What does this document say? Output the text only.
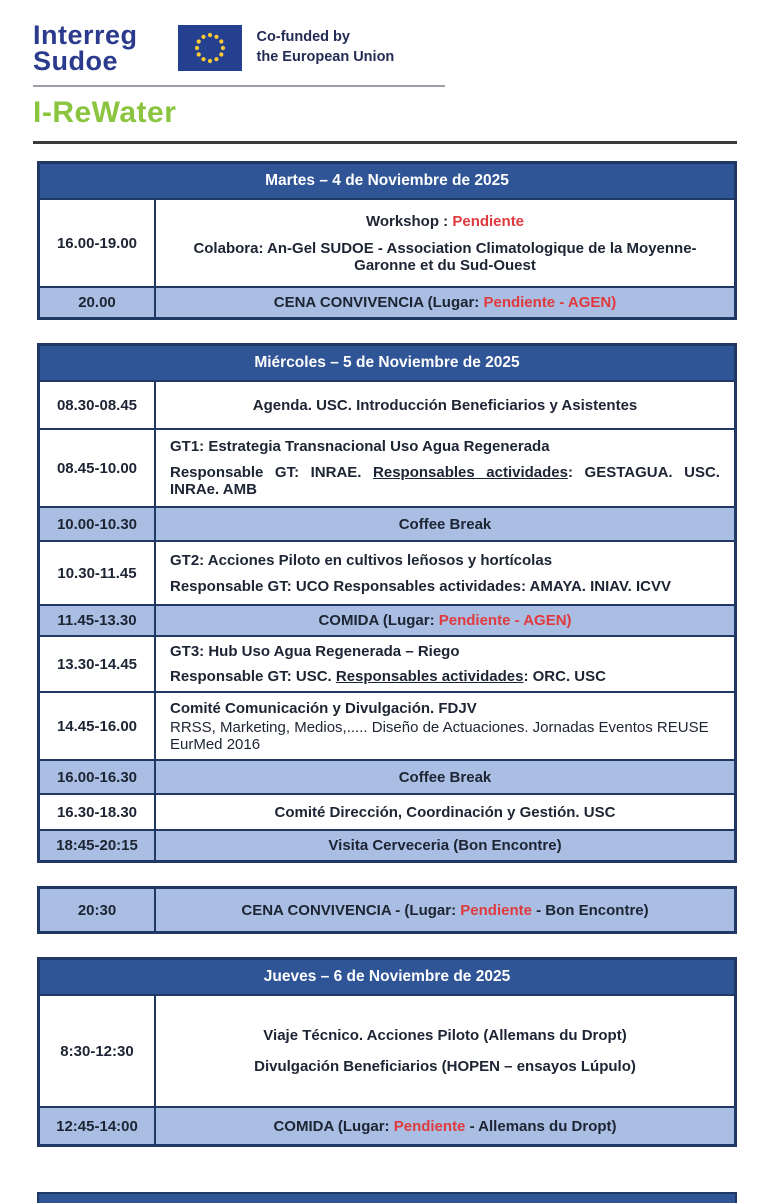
Interreg
Sudoe
Co-funded by
the European Union
I-ReWater
Martes – 4 de Noviembre de 2025
16.00-19.00
Workshop : Pendiente
Colabora: An-Gel SUDOE - Association Climatologique de la Moyenne-Garonne et du Sud-Ouest
20.00	CENA CONVIVENCIA (Lugar: Pendiente - AGEN)
Miércoles – 5 de Noviembre de 2025
08.30-08.45	Agenda. USC. Introducción Beneficiarios y Asistentes
08.45-10.00
GT1: Estrategia Transnacional Uso Agua Regenerada
Responsable GT: INRAE. Responsables actividades: GESTAGUA. USC. INRAe. AMB
10.00-10.30	Coffee Break
10.30-11.45
GT2: Acciones Piloto en cultivos leñosos y hortícolas
Responsable GT: UCO Responsables actividades: AMAYA. INIAV. ICVV
11.45-13.30	COMIDA (Lugar: Pendiente - AGEN)
13.30-14.45
GT3: Hub Uso Agua Regenerada – Riego
Responsable GT: USC. Responsables actividades: ORC. USC
14.45-16.00
Comité Comunicación y Divulgación. FDJV
RRSS, Marketing, Medios,..... Diseño de Actuaciones. Jornadas Eventos REUSE EurMed 2016
16.00-16.30	Coffee Break
16.30-18.30	Comité Dirección, Coordinación y Gestión. USC
18:45-20:15	Visita Cerveceria (Bon Encontre)
20:30	CENA CONVIVENCIA - (Lugar: Pendiente - Bon Encontre)
Jueves – 6 de Noviembre de 2025
8:30-12:30
Viaje Técnico. Acciones Piloto (Allemans du Dropt)
Divulgación Beneficiarios (HOPEN – ensayos Lúpulo)
12:45-14:00	COMIDA (Lugar: Pendiente - Allemans du Dropt)
